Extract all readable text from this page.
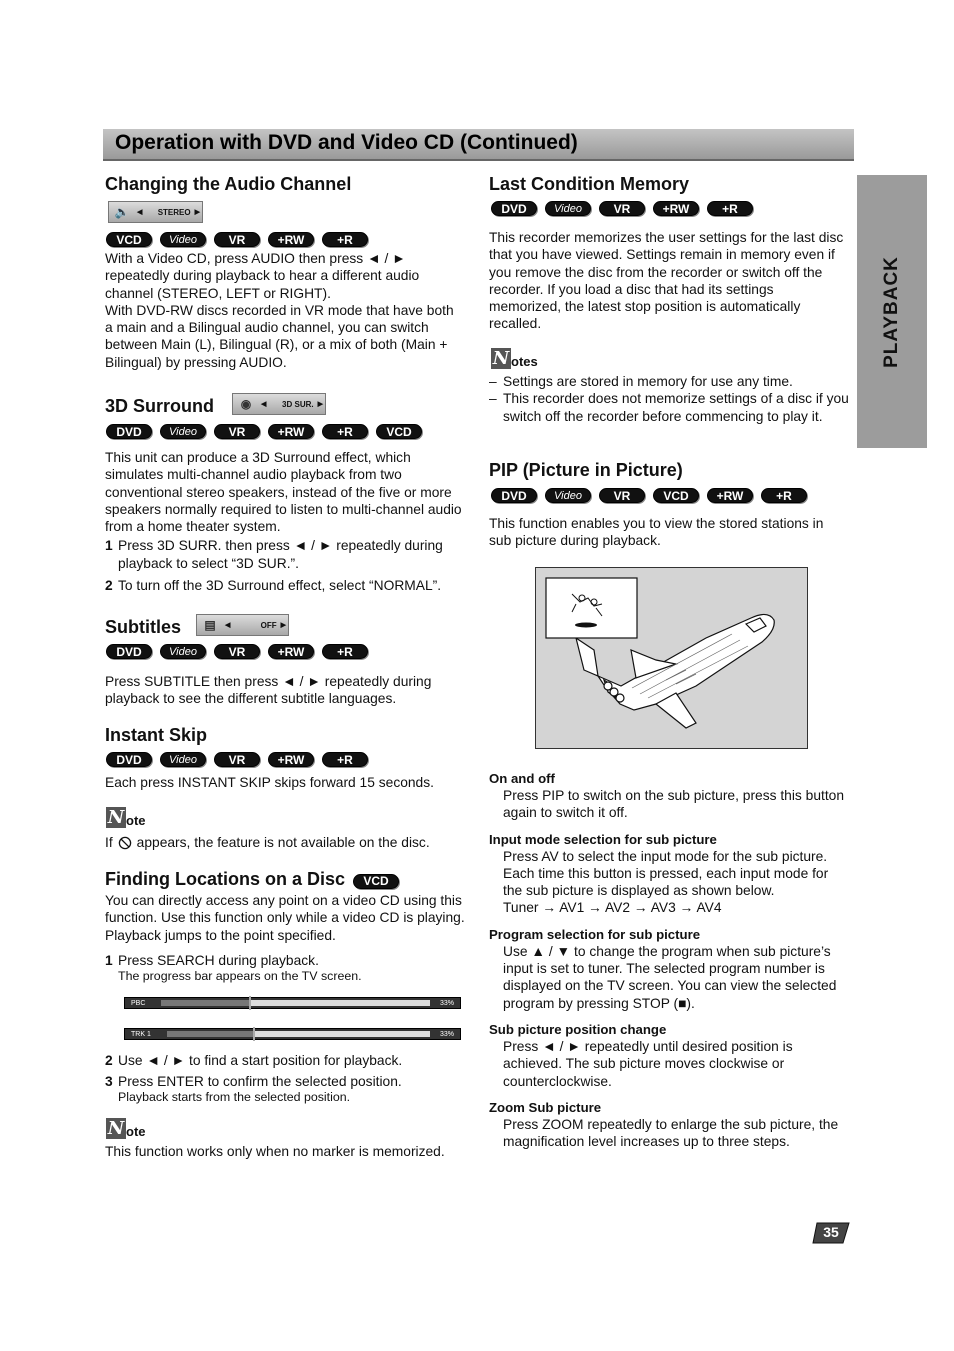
Operation with DVD and Video CD (Continued)
PLAYBACK
Changing the Audio Channel
🔈 ◀	STEREO ▶
VCD	Video	VR	+RW	+R

With a Video CD, press AUDIO then press ◄ / ► repeatedly during playback to hear a different audio channel (STEREO, LEFT or RIGHT).

With DVD-RW discs recorded in VR mode that have both a main and a Bilingual audio channel, you can switch between Main (L), Bilingual (R), or a mix of both (Main + Bilingual) by pressing AUDIO.

3D Surround	◉	◀	3D SUR. ▶
DVD	Video	VR	+RW	+R	VCD

This unit can produce a 3D Surround effect, which simulates multi-channel audio playback from two conventional stereo speakers, instead of the five or more speakers normally required to listen to multi-channel audio from a home theater system.

1 Press 3D SURR. then press ◄ / ► repeatedly during playback to select “3D SUR.”.
2 To turn off the 3D Surround effect, select “NORMAL”.
Subtitles ▤	◀	OFF ▶
DVD	Video	VR	+RW	+R

Press SUBTITLE then press ◄ / ► repeatedly during playback to see the different subtitle languages.

Instant Skip
DVD	Video	VR	+RW	+R

Each press INSTANT SKIP skips forward 15 seconds.

N ote
If appears, the feature is not available on the disc.
Finding Locations on a Disc	VCD

You can directly access any point on a video CD using this function. Use this function only while a video CD is playing. Playback jumps to the point specified.

1 Press SEARCH during playback.
The progress bar appears on the TV screen.
PBC	33%
TRK 1	33%
2 Use ◄ / ► to find a start position for playback.
3 Press ENTER to confirm the selected position.
Playback starts from the selected position.
N ote

This function works only when no marker is memorized.

Last Condition Memory
DVD	Video	VR	+RW	+R

This recorder memorizes the user settings for the last disc that you have viewed. Settings remain in memory even if you remove the disc from the recorder or switch off the recorder. If you load a disc that had its settings memorized, the latest stop position is automatically recalled.

N otes
– Settings are stored in memory for use any time.
– This recorder does not memorize settings of a disc if you switch off the recorder before commencing to play it.
PIP (Picture in Picture)
DVD	Video	VR	VCD	+RW	+R

This function enables you to view the stored stations in sub picture during playback.

On and off

Press PIP to switch on the sub picture, press this button again to switch it off.

Input mode selection for sub picture

Press AV to select the input mode for the sub picture. Each time this button is pressed, each input mode for the sub picture is displayed as shown below.

Tuner → AV1 → AV2 → AV3 → AV4

Program selection for sub picture

Use ▲ / ▼ to change the program when sub picture’s input is set to tuner. The selected program number is displayed on the TV screen. You can view the selected program by pressing STOP (■).

Sub picture position change

Press ◄ / ► repeatedly until desired position is achieved. The sub picture moves clockwise or counterclockwise.

Zoom Sub picture

Press ZOOM repeatedly to enlarge the sub picture, the magnification level increases up to three steps.

35
